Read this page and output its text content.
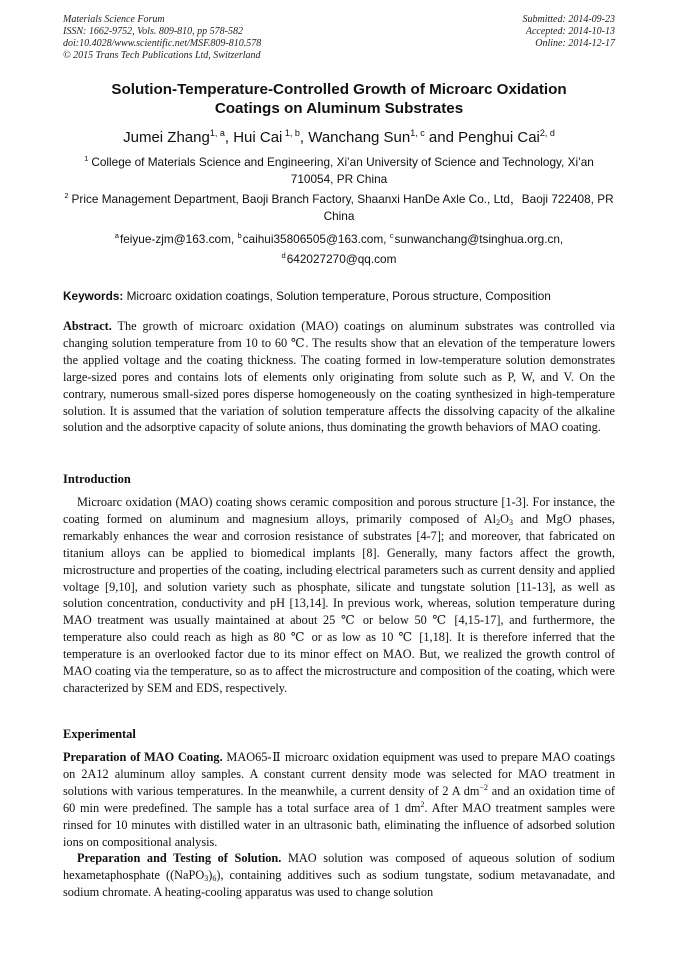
Materials Science Forum
ISSN: 1662-9752, Vols. 809-810, pp 578-582
doi:10.4028/www.scientific.net/MSF.809-810.578
© 2015 Trans Tech Publications Ltd, Switzerland
Submitted: 2014-09-23
Accepted: 2014-10-13
Online: 2014-12-17
Solution-Temperature-Controlled Growth of Microarc Oxidation
Coatings on Aluminum Substrates
Jumei Zhang$^{1, a}$, Hui Cai $^{1, b}$, Wanchang Sun$^{1, c}$ and Penghui Cai$^{2, d}$
$^1$ College of Materials Science and Engineering, Xi’an University of Science and Technology, Xi’an 710054, PR China
$^2$ Price Management Department, Baoji Branch Factory, Shaanxi HanDe Axle Co., Ltd，Baoji 722408, PR China
$^a$feiyue-zjm@163.com, $^b$caihui35806505@163.com, $^c$sunwanchang@tsinghua.org.cn,
$^d$642027270@qq.com
Keywords: Microarc oxidation coatings, Solution temperature, Porous structure, Composition

Abstract. The growth of microarc oxidation (MAO) coatings on aluminum substrates was controlled via changing solution temperature from 10 to 60 ℃. The results show that an elevation of the temperature lowers the applied voltage and the coating thickness. The coating formed in low-temperature solution demonstrates large-sized pores and contains lots of elements only originating from solute such as P, W, and V. On the contrary, numerous small-sized pores disperse homogeneously on the coating synthesized in high-temperature solution. It is assumed that the variation of solution temperature affects the dissolving capacity of the alkaline solution and the adsorptive capacity of solute anions, thus dominating the growth behaviors of MAO coating.

Introduction

Microarc oxidation (MAO) coating shows ceramic composition and porous structure [1-3]. For instance, the coating formed on aluminum and magnesium alloys, primarily composed of Al2O3 and MgO phases, remarkably enhances the wear and corrosion resistance of substrates [4-7]; and moreover, that fabricated on titanium alloys can be applied to biomedical implants [8]. Generally, many factors affect the growth, microstructure and properties of the coating, including electrical parameters such as current density and applied voltage [9,10], and solution variety such as phosphate, silicate and tungstate solution [11-13], as well as solution concentration, conductivity and pH [13,14]. In previous work, whereas, solution temperature during MAO treatment was usually maintained at about 25 ℃ or below 50 ℃ [4,15-17], and furthermore, the temperature also could reach as high as 80 ℃ or as low as 10 ℃ [1,18]. It is therefore inferred that the temperature is an overlooked factor due to its minor effect on MAO. But, we realized the growth control of MAO coating via the temperature, so as to affect the microstructure and composition of the coating, which were characterized by SEM and EDS, respectively.

Experimental

Preparation of MAO Coating. MAO65-Ⅱ microarc oxidation equipment was used to prepare MAO coatings on 2A12 aluminum alloy samples. A constant current density mode was selected for MAO treatment in solutions with various temperatures. In the meanwhile, a current density of 2 A $dm^{-2}$ and an oxidation time of 60 min were predefined. The sample has a total surface area of 1 $dm^2$. After MAO treatment samples were rinsed for 10 minutes with distilled water in an ultrasonic bath, eliminating the influence of adsorbed solution ions on compositional analysis.

Preparation and Testing of Solution. MAO solution was composed of aqueous solution of sodium hexametaphosphate ((NaPO3)6), containing additives such as sodium tungstate, sodium metavanadate, and sodium chromate. A heating-cooling apparatus was used to change solution
